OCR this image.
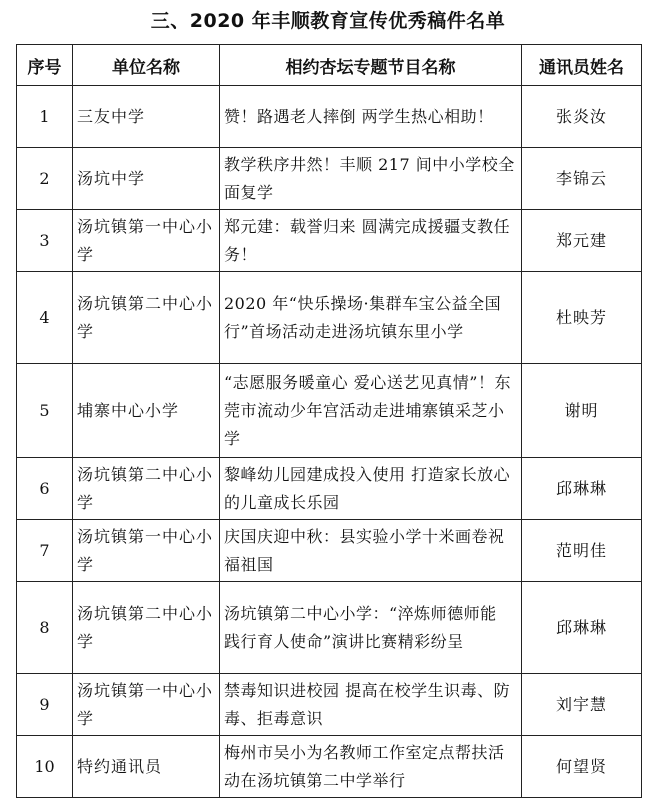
三、2020 年丰顺教育宣传优秀稿件名单
序号	单位名称	相约杏坛专题节目名称	通讯员姓名
1	三友中学	赞！路遇老人摔倒 两学生热心相助！	张炎汝
2	汤坑中学	教学秩序井然！丰顺 217 间中小学校全面复学	李锦云
3	汤坑镇第一中心小学	郑元建：载誉归来 圆满完成援疆支教任务！	郑元建
4	汤坑镇第二中心小学	2020 年“快乐操场·集群车宝公益全国行”首场活动走进汤坑镇东里小学	杜映芳
5	埔寨中心小学	“志愿服务暖童心 爱心送艺见真情”！东莞市流动少年宫活动走进埔寨镇采芝小学	谢明
6	汤坑镇第二中心小学	黎峰幼儿园建成投入使用 打造家长放心的儿童成长乐园	邱琳琳
7	汤坑镇第一中心小学	庆国庆迎中秋：县实验小学十米画卷祝福祖国	范明佳
8	汤坑镇第二中心小学	汤坑镇第二中心小学：“淬炼师德师能 践行育人使命”演讲比赛精彩纷呈	邱琳琳
9	汤坑镇第一中心小学	禁毒知识进校园 提高在校学生识毒、防毒、拒毒意识	刘宇慧
10	特约通讯员	梅州市吴小为名教师工作室定点帮扶活动在汤坑镇第二中学举行	何望贤
